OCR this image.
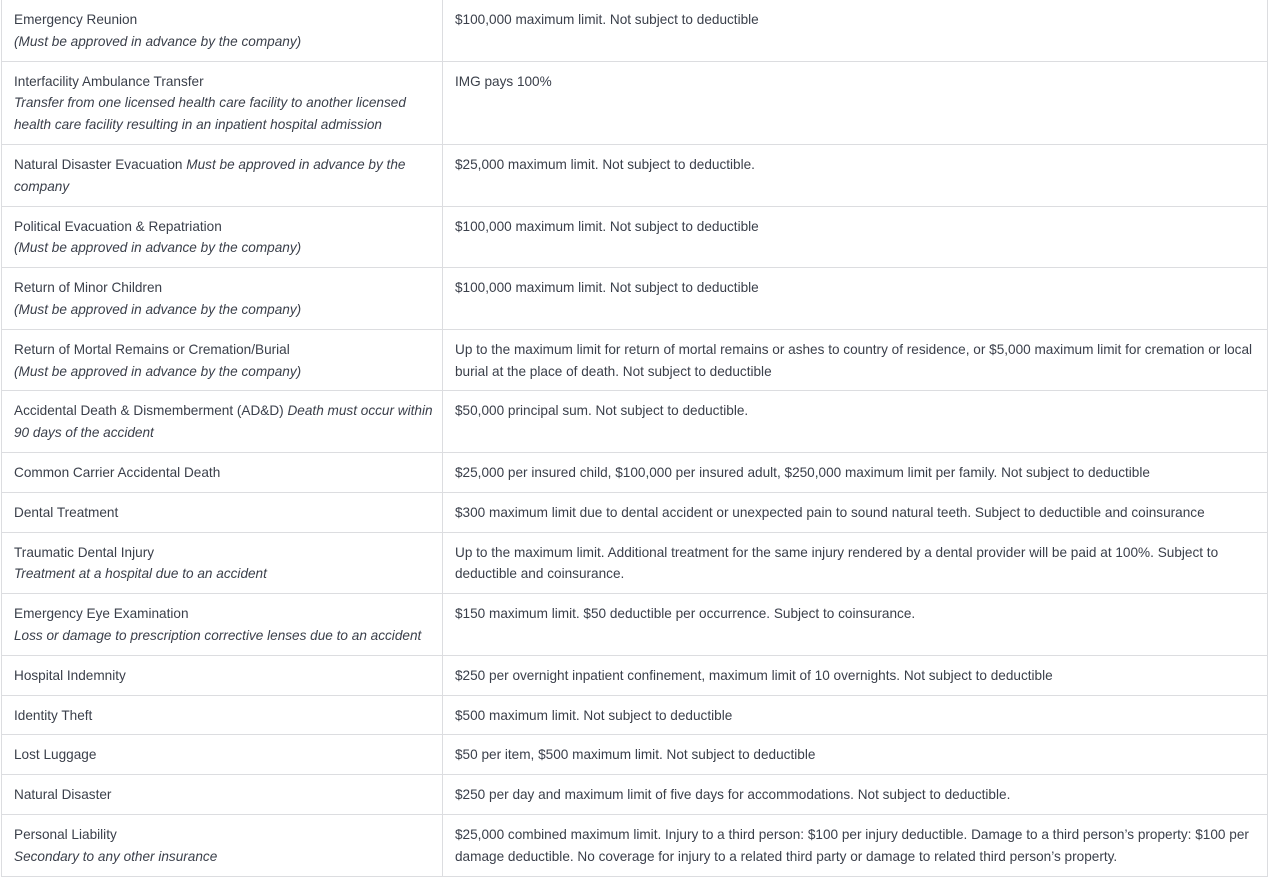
Emergency Reunion
(Must be approved in advance by the company)	$100,000 maximum limit. Not subject to deductible
Interfacility Ambulance Transfer
Transfer from one licensed health care facility to another licensed health care facility resulting in an inpatient hospital admission	IMG pays 100%
Natural Disaster Evacuation Must be approved in advance by the company	$25,000 maximum limit. Not subject to deductible.
Political Evacuation & Repatriation
(Must be approved in advance by the company)	$100,000 maximum limit. Not subject to deductible
Return of Minor Children
(Must be approved in advance by the company)	$100,000 maximum limit. Not subject to deductible
Return of Mortal Remains or Cremation/Burial
(Must be approved in advance by the company)	Up to the maximum limit for return of mortal remains or ashes to country of residence, or $5,000 maximum limit for cremation or local burial at the place of death. Not subject to deductible
Accidental Death & Dismemberment (AD&D) Death must occur within 90 days of the accident	$50,000 principal sum. Not subject to deductible.
Common Carrier Accidental Death	$25,000 per insured child, $100,000 per insured adult, $250,000 maximum limit per family. Not subject to deductible
Dental Treatment	$300 maximum limit due to dental accident or unexpected pain to sound natural teeth. Subject to deductible and coinsurance
Traumatic Dental Injury
Treatment at a hospital due to an accident	Up to the maximum limit. Additional treatment for the same injury rendered by a dental provider will be paid at 100%. Subject to deductible and coinsurance.
Emergency Eye Examination
Loss or damage to prescription corrective lenses due to an accident	$150 maximum limit. $50 deductible per occurrence. Subject to coinsurance.
Hospital Indemnity	$250 per overnight inpatient confinement, maximum limit of 10 overnights. Not subject to deductible
Identity Theft	$500 maximum limit. Not subject to deductible
Lost Luggage	$50 per item, $500 maximum limit. Not subject to deductible
Natural Disaster	$250 per day and maximum limit of five days for accommodations. Not subject to deductible.
Personal Liability
Secondary to any other insurance	$25,000 combined maximum limit. Injury to a third person: $100 per injury deductible. Damage to a third person’s property: $100 per damage deductible. No coverage for injury to a related third party or damage to related third person’s property.
